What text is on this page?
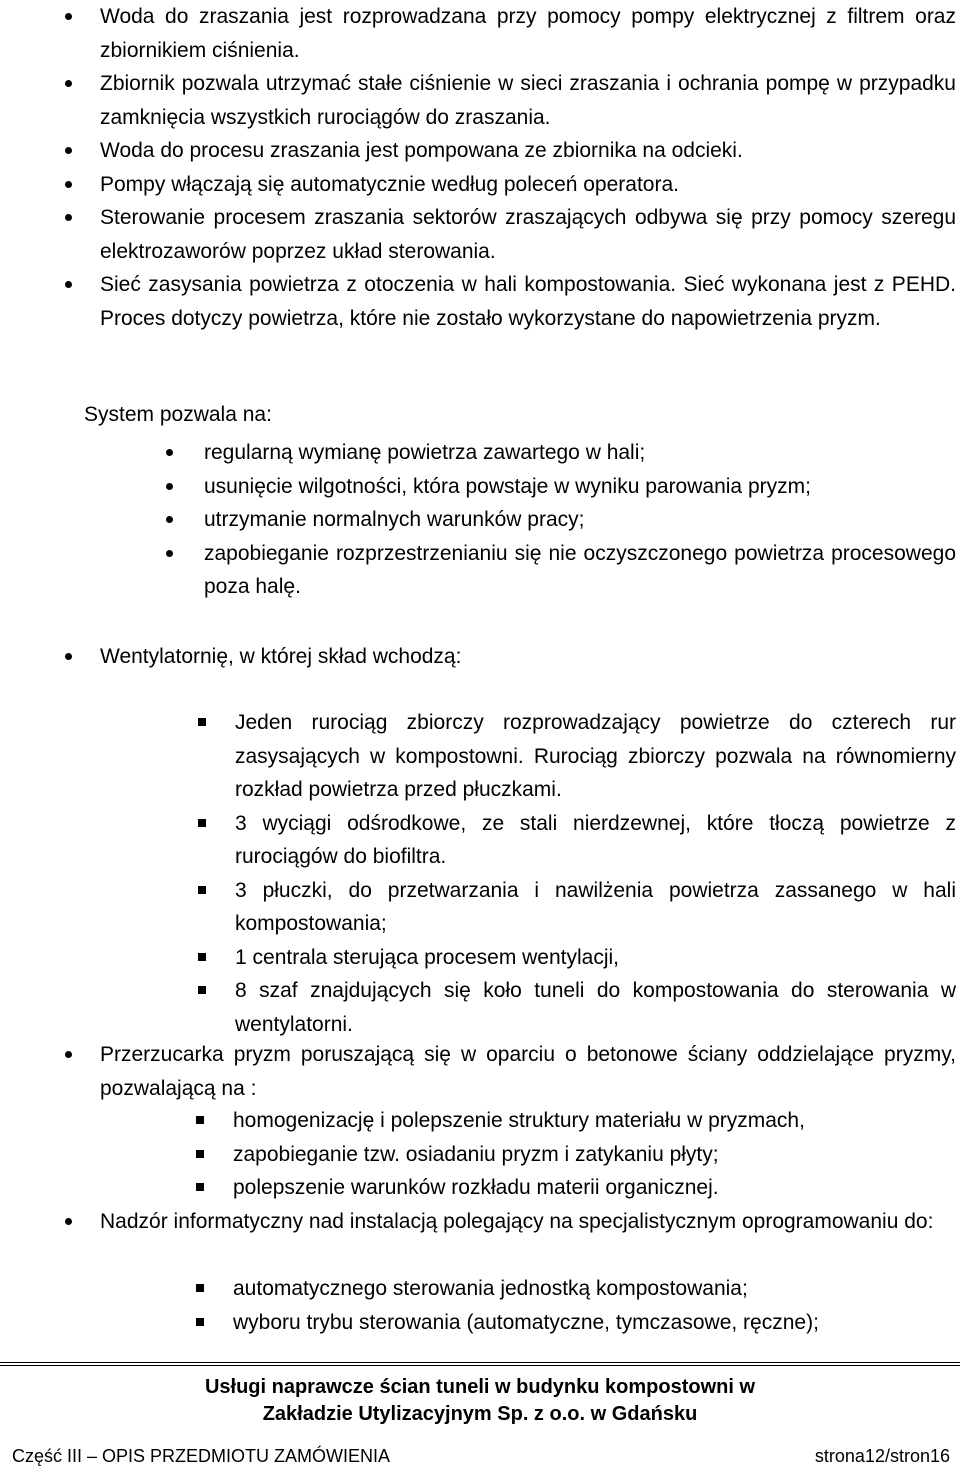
Woda do zraszania jest rozprowadzana przy pomocy pompy elektrycznej z filtrem oraz zbiornikiem ciśnienia.
Zbiornik pozwala utrzymać stałe ciśnienie w sieci zraszania i ochrania pompę w przypadku zamknięcia wszystkich rurociągów do zraszania.
Woda do procesu zraszania jest pompowana ze zbiornika na odcieki.
Pompy włączają się automatycznie według poleceń operatora.
Sterowanie procesem zraszania sektorów zraszających odbywa się przy pomocy szeregu elektrozaworów poprzez układ sterowania.
Sieć zasysania powietrza z otoczenia w hali kompostowania. Sieć wykonana jest z PEHD. Proces dotyczy powietrza, które nie zostało wykorzystane do napowietrzenia pryzm.
System pozwala na:
regularną wymianę powietrza zawartego w hali;
usunięcie wilgotności, która powstaje w wyniku parowania pryzm;
utrzymanie normalnych warunków pracy;
zapobieganie rozprzestrzenianiu się nie oczyszczonego powietrza procesowego poza halę.
Wentylatornię, w której skład wchodzą:
Jeden rurociąg zbiorczy rozprowadzający powietrze do czterech rur zasysających w kompostowni. Rurociąg zbiorczy pozwala na równomierny rozkład powietrza przed płuczkami.
3 wyciągi odśrodkowe, ze stali nierdzewnej, które tłoczą powietrze z rurociągów do biofiltra.
3 płuczki, do przetwarzania i nawilżenia powietrza zassanego w hali kompostowania;
1 centrala sterująca procesem wentylacji,
8 szaf znajdujących się koło tuneli do kompostowania do sterowania w wentylatorni.
Przerzucarka pryzm poruszającą się w oparciu o betonowe ściany oddzielające pryzmy, pozwalającą na :
homogenizację i polepszenie struktury materiału w pryzmach,
zapobieganie tzw. osiadaniu pryzm i zatykaniu płyty;
polepszenie warunków rozkładu materii organicznej.
Nadzór informatyczny nad instalacją polegający na specjalistycznym oprogramowaniu do:
automatycznego sterowania jednostką kompostowania;
wyboru trybu sterowania (automatyczne, tymczasowe, ręczne);
Usługi naprawcze ścian tuneli w budynku kompostowni w
Zakładzie Utylizacyjnym Sp. z o.o. w Gdańsku
Część III – OPIS PRZEDMIOTU ZAMÓWIENIA	strona12/stron16
